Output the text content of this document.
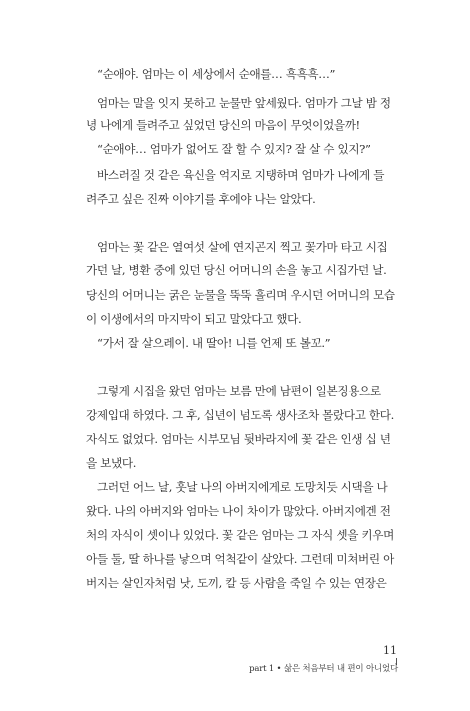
“순애야. 엄마는 이 세상에서 순애를… 흑흑흑…”
엄마는 말을 잇지 못하고 눈물만 앞세웠다. 엄마가 그날 밤 정
녕 나에게 들려주고 싶었던 당신의 마음이 무엇이었을까!
“순애야… 엄마가 없어도 잘 할 수 있지? 잘 살 수 있지?”
바스러질 것 같은 육신을 억지로 지탱하며 엄마가 나에게 들
려주고 싶은 진짜 이야기를 후에야 나는 알았다.
엄마는 꽃 같은 열여섯 살에 연지곤지 찍고 꽃가마 타고 시집
가던 날, 병환 중에 있던 당신 어머니의 손을 놓고 시집가던 날.
당신의 어머니는 굵은 눈물을 뚝뚝 흘리며 우시던 어머니의 모습
이 이생에서의 마지막이 되고 말았다고 했다.
“가서 잘 살으레이. 내 딸아! 니를 언제 또 볼꼬.”
그렇게 시집을 왔던 엄마는 보름 만에 남편이 일본징용으로
강제입대 하였다. 그 후, 십년이 넘도록 생사조차 몰랐다고 한다.
자식도 없었다. 엄마는 시부모님 뒷바라지에 꽃 같은 인생 십 년
을 보냈다.
그러던 어느 날, 훗날 나의 아버지에게로 도망치듯 시댁을 나
왔다. 나의 아버지와 엄마는 나이 차이가 많았다. 아버지에겐 전
처의 자식이 셋이나 있었다. 꽃 같은 엄마는 그 자식 셋을 키우며
아들 둘, 딸 하나를 낳으며 억척같이 살았다. 그런데 미쳐버린 아
버지는 살인자처럼 낫, 도끼, 칼 등 사람을 죽일 수 있는 연장은
11
part 1 • 삶은 처음부터 내 편이 아니었다
